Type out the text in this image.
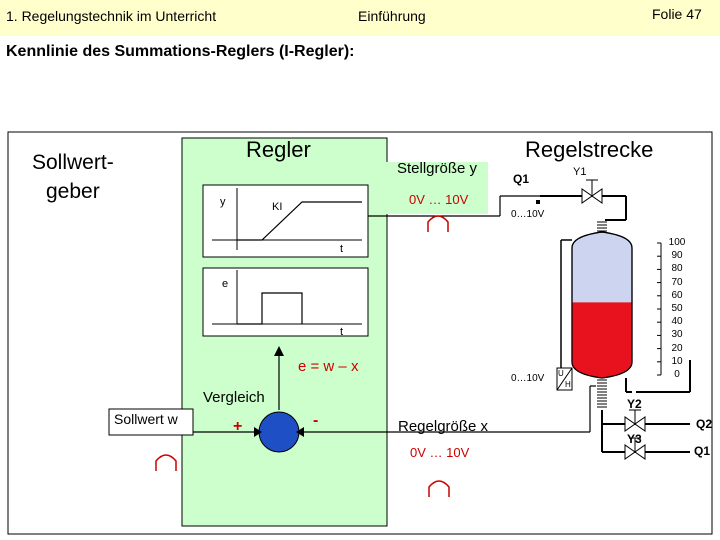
1. Regelungstechnik im Unterricht	Einführung	Folie 47
Kennlinie des Summations-Reglers (I-Regler):
Sollwert-
geber
Sollwert w
Regler
Stellgröße y
0V … 10V
y	KI
t
e
t
e = w – x
Vergleich
+	-	Regelgröße x
0V … 10V
Regelstrecke
Q1	Y1
0…10V
0…10V U
H
100
90
80
70
60
50
40
30
20
10
0
Y2
Q2
Y3
Q1
